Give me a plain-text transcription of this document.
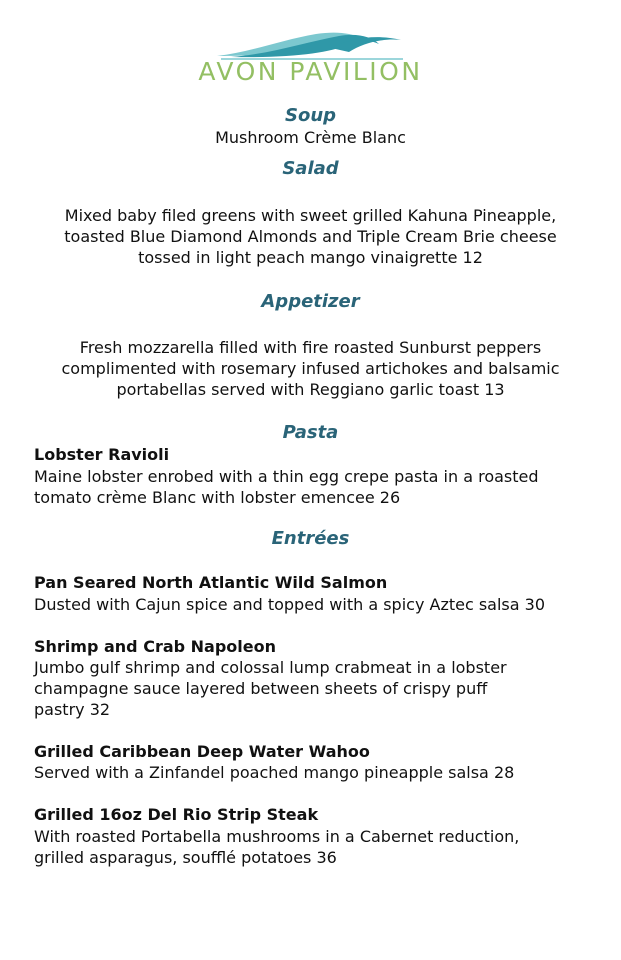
AVON PAVILION
Soup
Mushroom Crème Blanc
Salad
Mixed baby filed greens with sweet grilled Kahuna Pineapple,
toasted Blue Diamond Almonds and Triple Cream Brie cheese
tossed in light peach mango vinaigrette 12
Appetizer
Fresh mozzarella filled with fire roasted Sunburst peppers
complimented with rosemary infused artichokes and balsamic
portabellas served with Reggiano garlic toast 13
Pasta
Lobster Ravioli
Maine lobster enrobed with a thin egg crepe pasta in a roasted
tomato crème Blanc with lobster emencee 26
Entrées
Pan Seared North Atlantic Wild Salmon
Dusted with Cajun spice and topped with a spicy Aztec salsa 30
Shrimp and Crab Napoleon
Jumbo gulf shrimp and colossal lump crabmeat in a lobster
champagne sauce layered between sheets of crispy puff
pastry 32
Grilled Caribbean Deep Water Wahoo
Served with a Zinfandel poached mango pineapple salsa 28
Grilled 16oz Del Rio Strip Steak
With roasted Portabella mushrooms in a Cabernet reduction,
grilled asparagus, soufflé potatoes 36
